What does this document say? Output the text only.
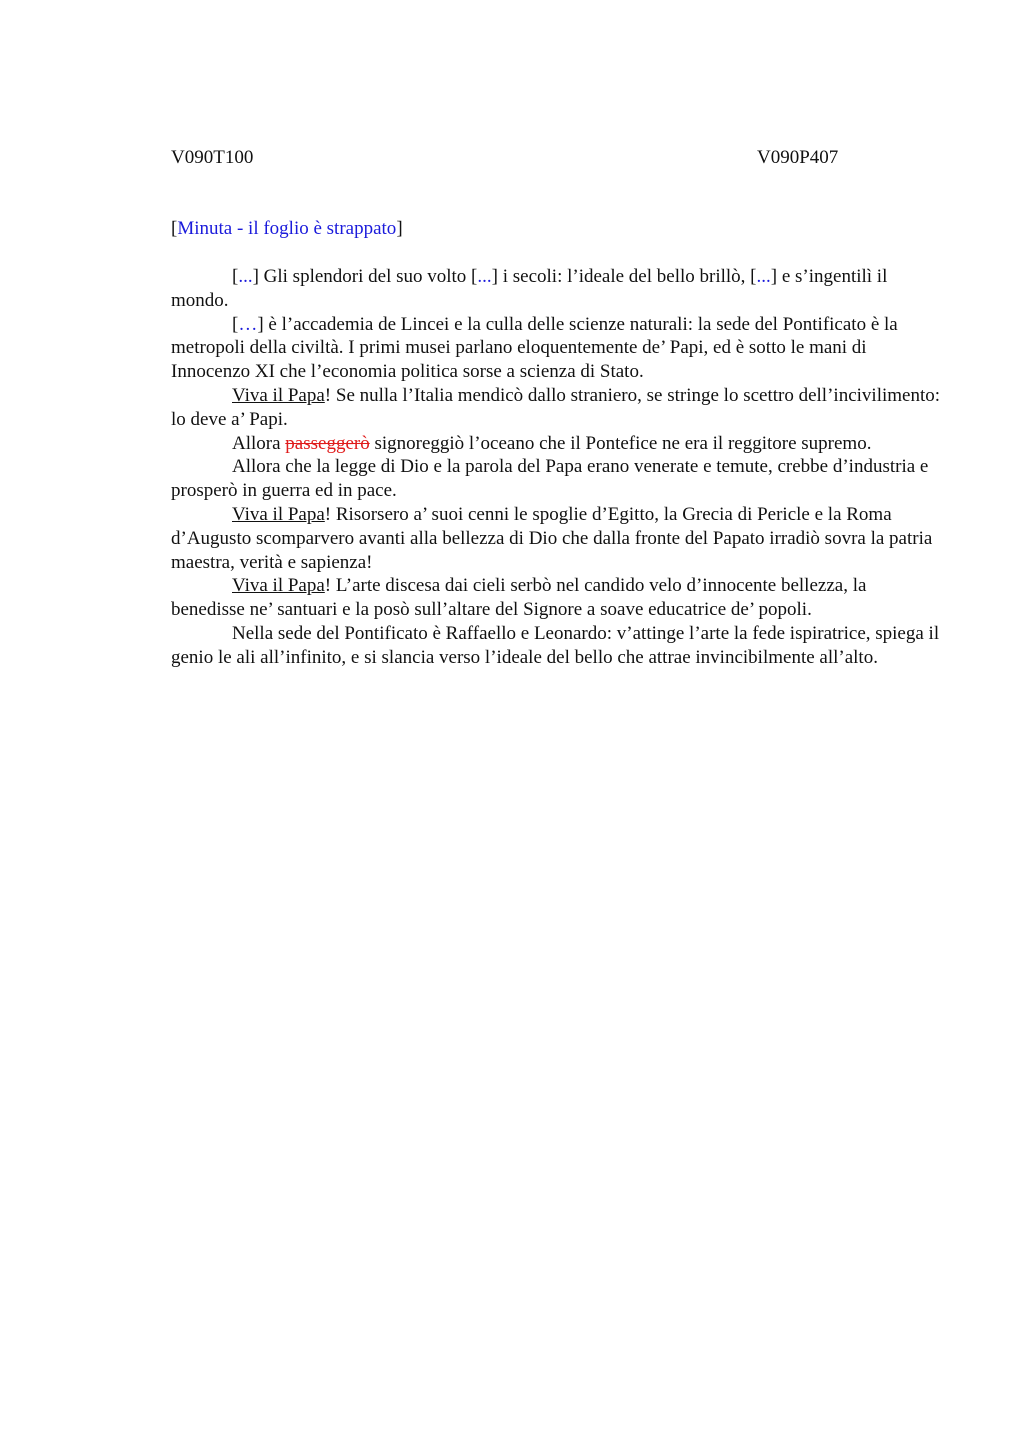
V090T100	V090P407
[Minuta - il foglio è strappato]

[...] Gli splendori del suo volto [...] i secoli: l’ideale del bello brillò, [...] e s’ingentilì il mondo.

[…] è l’accademia de Lincei e la culla delle scienze naturali: la sede del Pontificato è la metropoli della civiltà. I primi musei parlano eloquentemente de’ Papi, ed è sotto le mani di Innocenzo XI che l’economia politica sorse a scienza di Stato.

Viva il Papa! Se nulla l’Italia mendicò dallo straniero, se stringe lo scettro dell’incivilimento: lo deve a’ Papi.

Allora passeggerò signoreggiò l’oceano che il Pontefice ne era il reggitore supremo.

Allora che la legge di Dio e la parola del Papa erano venerate e temute, crebbe d’industria e prosperò in guerra ed in pace.

Viva il Papa! Risorsero a’ suoi cenni le spoglie d’Egitto, la Grecia di Pericle e la Roma d’Augusto scomparvero avanti alla bellezza di Dio che dalla fronte del Papato irradiò sovra la patria maestra, verità e sapienza!

Viva il Papa! L’arte discesa dai cieli serbò nel candido velo d’innocente bellezza, la benedisse ne’ santuari e la posò sull’altare del Signore a soave educatrice de’ popoli.

Nella sede del Pontificato è Raffaello e Leonardo: v’attinge l’arte la fede ispiratrice, spiega il genio le ali all’infinito, e si slancia verso l’ideale del bello che attrae invincibilmente all’alto.
